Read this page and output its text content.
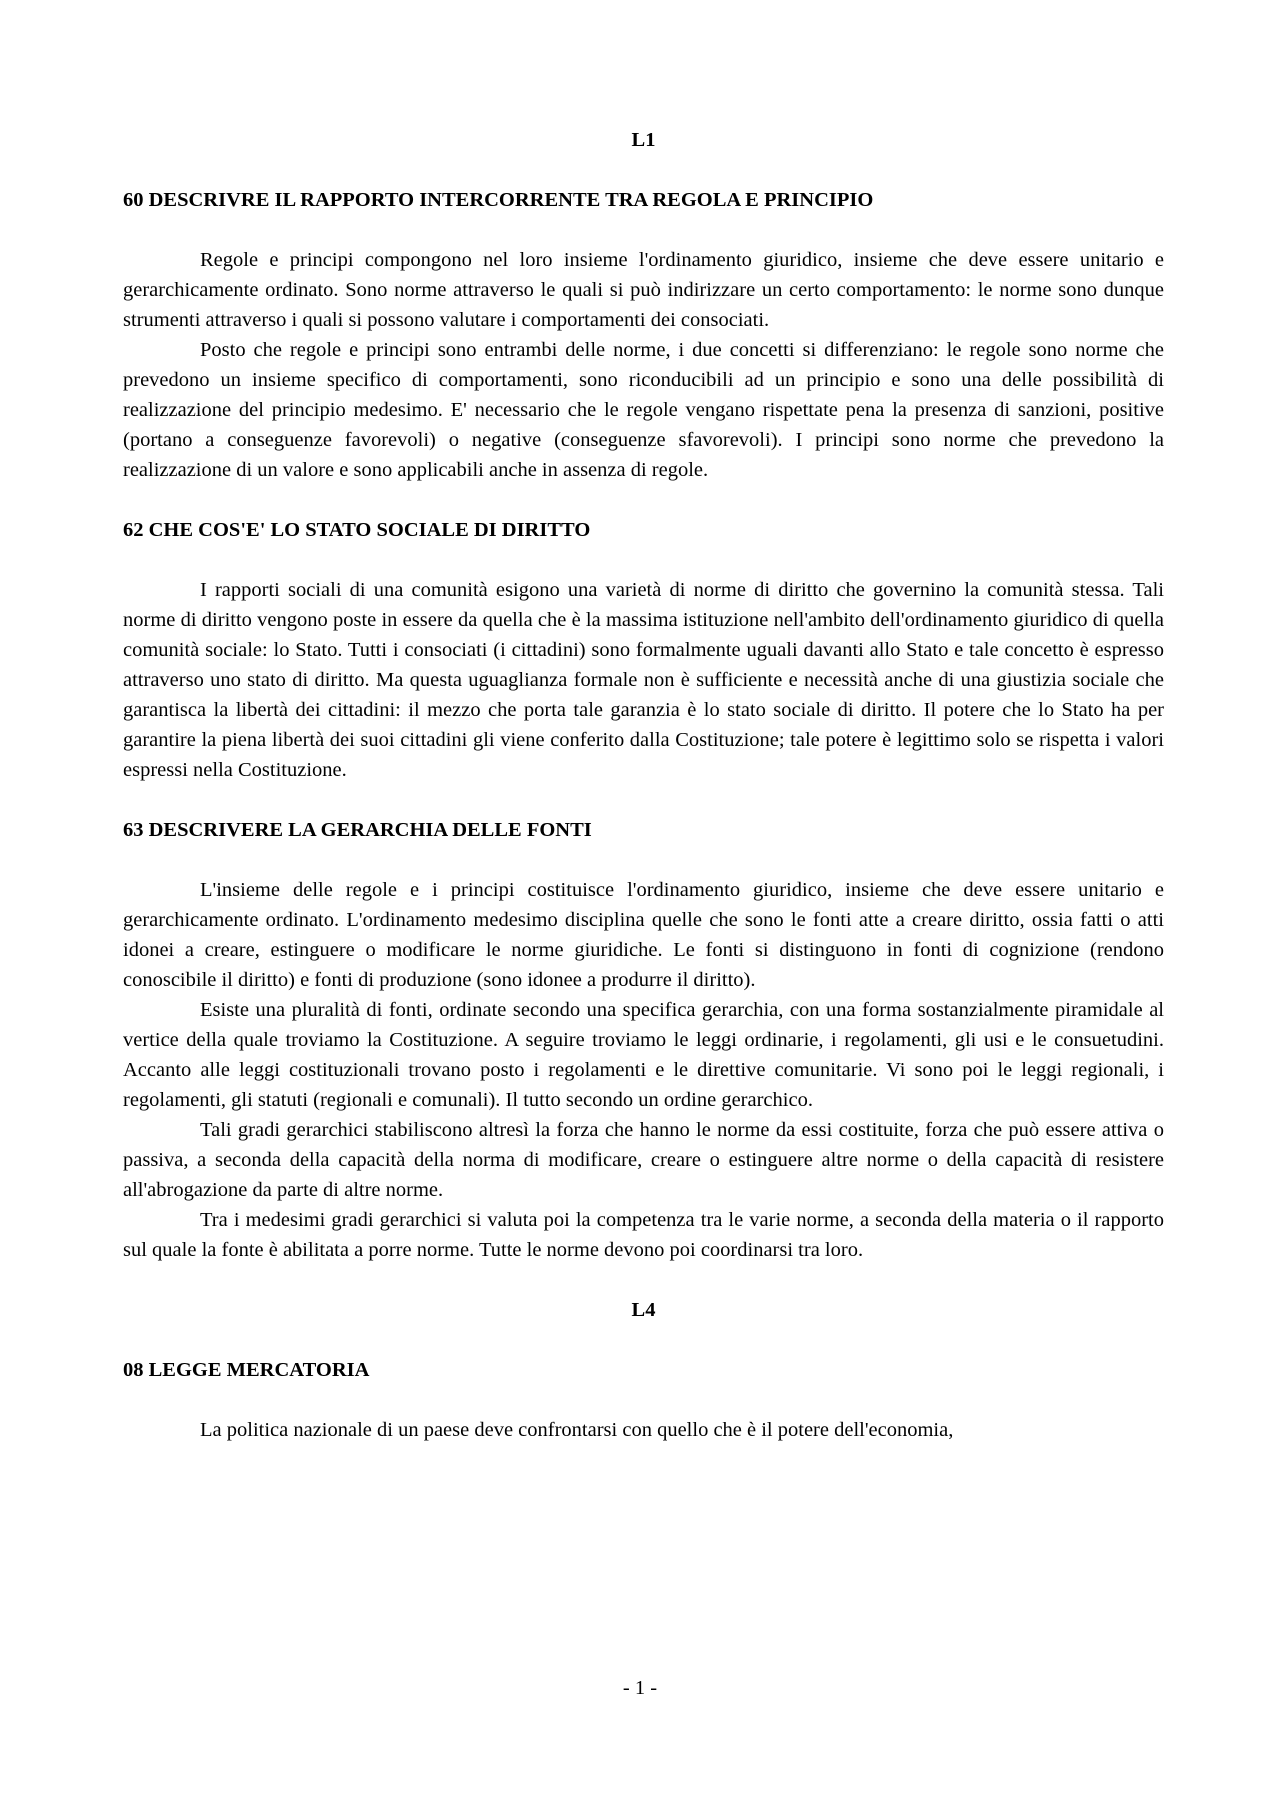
L1
60 DESCRIVRE IL RAPPORTO INTERCORRENTE TRA REGOLA E PRINCIPIO

Regole e principi compongono nel loro insieme l'ordinamento giuridico, insieme che deve essere unitario e gerarchicamente ordinato. Sono norme attraverso le quali si può indirizzare un certo comportamento: le norme sono dunque strumenti attraverso i quali si possono valutare i comportamenti dei consociati.

Posto che regole e principi sono entrambi delle norme, i due concetti si differenziano: le regole sono norme che prevedono un insieme specifico di comportamenti, sono riconducibili ad un principio e sono una delle possibilità di realizzazione del principio medesimo. E' necessario che le regole vengano rispettate pena la presenza di sanzioni, positive (portano a conseguenze favorevoli) o negative (conseguenze sfavorevoli). I principi sono norme che prevedono la realizzazione di un valore e sono applicabili anche in assenza di regole.

62 CHE COS'E' LO STATO SOCIALE DI DIRITTO

I rapporti sociali di una comunità esigono una varietà di norme di diritto che governino la comunità stessa. Tali norme di diritto vengono poste in essere da quella che è la massima istituzione nell'ambito dell'ordinamento giuridico di quella comunità sociale: lo Stato. Tutti i consociati (i cittadini) sono formalmente uguali davanti allo Stato e tale concetto è espresso attraverso uno stato di diritto. Ma questa uguaglianza formale non è sufficiente e necessità anche di una giustizia sociale che garantisca la libertà dei cittadini: il mezzo che porta tale garanzia è lo stato sociale di diritto. Il potere che lo Stato ha per garantire la piena libertà dei suoi cittadini gli viene conferito dalla Costituzione; tale potere è legittimo solo se rispetta i valori espressi nella Costituzione.

63 DESCRIVERE LA GERARCHIA DELLE FONTI

L'insieme delle regole e i principi costituisce l'ordinamento giuridico, insieme che deve essere unitario e gerarchicamente ordinato. L'ordinamento medesimo disciplina quelle che sono le fonti atte a creare diritto, ossia fatti o atti idonei a creare, estinguere o modificare le norme giuridiche. Le fonti si distinguono in fonti di cognizione (rendono conoscibile il diritto) e fonti di produzione (sono idonee a produrre il diritto).

Esiste una pluralità di fonti, ordinate secondo una specifica gerarchia, con una forma sostanzialmente piramidale al vertice della quale troviamo la Costituzione. A seguire troviamo le leggi ordinarie, i regolamenti, gli usi e le consuetudini. Accanto alle leggi costituzionali trovano posto i regolamenti e le direttive comunitarie. Vi sono poi le leggi regionali, i regolamenti, gli statuti (regionali e comunali). Il tutto secondo un ordine gerarchico.

Tali gradi gerarchici stabiliscono altresì la forza che hanno le norme da essi costituite, forza che può essere attiva o passiva, a seconda della capacità della norma di modificare, creare o estinguere altre norme o della capacità di resistere all'abrogazione da parte di altre norme.

Tra i medesimi gradi gerarchici si valuta poi la competenza tra le varie norme, a seconda della materia o il rapporto sul quale la fonte è abilitata a porre norme. Tutte le norme devono poi coordinarsi tra loro.

L4
08 LEGGE MERCATORIA

La politica nazionale di un paese deve confrontarsi con quello che è il potere dell'economia,

- 1 -
